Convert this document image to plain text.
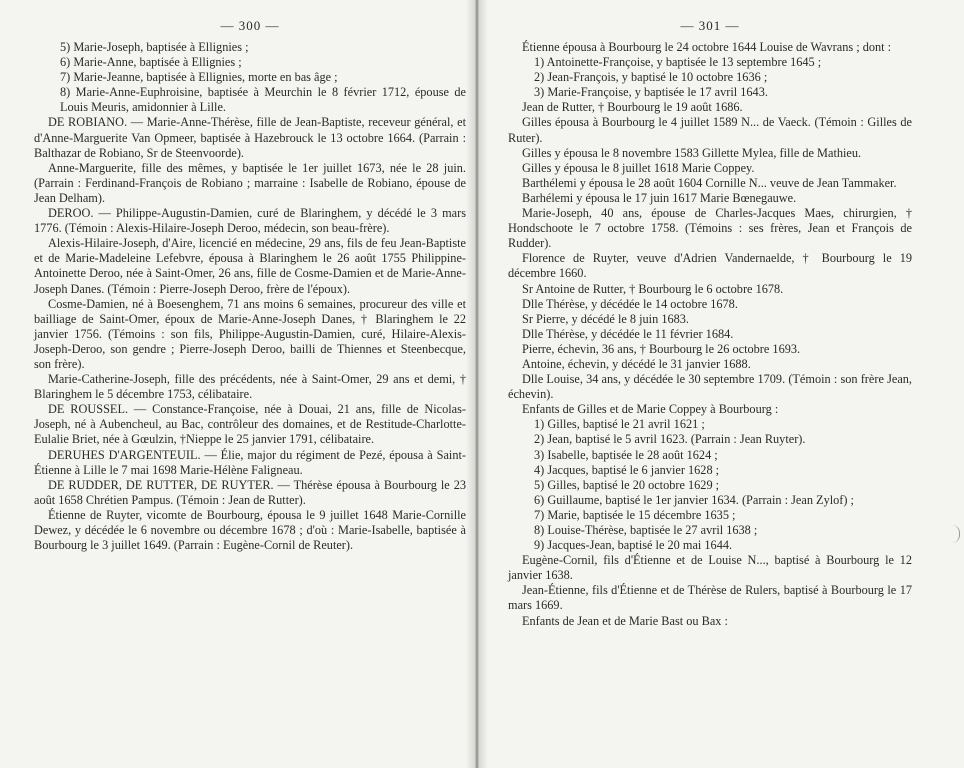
— 300 —

5) Marie-Joseph, baptisée à Ellignies ;

6) Marie-Anne, baptisée à Ellignies ;

7) Marie-Jeanne, baptisée à Ellignies, morte en bas âge ;

8) Marie-Anne-Euphroisine, baptisée à Meurchin le 8 février 1712, épouse de Louis Meuris, amidonnier à Lille.

DE ROBIANO. — Marie-Anne-Thérèse, fille de Jean-Baptiste, receveur général, et d'Anne-Marguerite Van Opmeer, baptisée à Hazebrouck le 13 octobre 1664. (Parrain : Balthazar de Robiano, Sr de Steenvoorde).

Anne-Marguerite, fille des mêmes, y baptisée le 1er juillet 1673, née le 28 juin. (Parrain : Ferdinand-François de Robiano ; marraine : Isabelle de Robiano, épouse de Jean Delham).

DEROO. — Philippe-Augustin-Damien, curé de Blaringhem, y décédé le 3 mars 1776. (Témoin : Alexis-Hilaire-Joseph Deroo, médecin, son beau-frère).

Alexis-Hilaire-Joseph, d'Aire, licencié en médecine, 29 ans, fils de feu Jean-Baptiste et de Marie-Madeleine Lefebvre, épousa à Blaringhem le 26 août 1755 Philippine-Antoinette Deroo, née à Saint-Omer, 26 ans, fille de Cosme-Damien et de Marie-Anne-Joseph Danes. (Témoin : Pierre-Joseph Deroo, frère de l'époux).

Cosme-Damien, né à Boesenghem, 71 ans moins 6 semaines, procureur des ville et bailliage de Saint-Omer, époux de Marie-Anne-Joseph Danes, † Blaringhem le 22 janvier 1756. (Témoins : son fils, Philippe-Augustin-Damien, curé, Hilaire-Alexis-Joseph-Deroo, son gendre ; Pierre-Joseph Deroo, bailli de Thiennes et Steenbecque, son frère).

Marie-Catherine-Joseph, fille des précédents, née à Saint-Omer, 29 ans et demi, † Blaringhem le 5 décembre 1753, célibataire.

DE ROUSSEL. — Constance-Françoise, née à Douai, 21 ans, fille de Nicolas-Joseph, né à Aubencheul, au Bac, contrôleur des domaines, et de Restitude-Charlotte-Eulalie Briet, née à Gœulzin, †Nieppe le 25 janvier 1791, célibataire.

DERUHES D'ARGENTEUIL. — Élie, major du régiment de Pezé, épousa à Saint-Étienne à Lille le 7 mai 1698 Marie-Hélène Faligneau.

DE RUDDER, DE RUTTER, DE RUYTER. — Thérèse épousa à Bourbourg le 23 août 1658 Chrétien Pampus. (Témoin : Jean de Rutter).

Étienne de Ruyter, vicomte de Bourbourg, épousa le 9 juillet 1648 Marie-Cornille Dewez, y décédée le 6 novembre ou décembre 1678 ; d'où : Marie-Isabelle, baptisée à Bourbourg le 3 juillet 1649. (Parrain : Eugène-Cornil de Reuter).

— 301 —

Étienne épousa à Bourbourg le 24 octobre 1644 Louise de Wavrans ; dont :

1) Antoinette-Françoise, y baptisée le 13 septembre 1645 ;

2) Jean-François, y baptisé le 10 octobre 1636 ;

3) Marie-Françoise, y baptisée le 17 avril 1643.

Jean de Rutter, † Bourbourg le 19 août 1686.

Gilles épousa à Bourbourg le 4 juillet 1589 N... de Vaeck. (Témoin : Gilles de Ruter).

Gilles y épousa le 8 novembre 1583 Gillette Mylea, fille de Mathieu.

Gilles y épousa le 8 juillet 1618 Marie Coppey.

Barthélemi y épousa le 28 août 1604 Cornille N... veuve de Jean Tammaker.

Barhélemi y épousa le 17 juin 1617 Marie Bœnegauwe.

Marie-Joseph, 40 ans, épouse de Charles-Jacques Maes, chirurgien, † Hondschoote le 7 octobre 1758. (Témoins : ses frères, Jean et François de Rudder).

Florence de Ruyter, veuve d'Adrien Vandernaelde, † Bourbourg le 19 décembre 1660.

Sr Antoine de Rutter, † Bourbourg le 6 octobre 1678.

Dlle Thérèse, y décédée le 14 octobre 1678.

Sr Pierre, y décédé le 8 juin 1683.

Dlle Thérèse, y décédée le 11 février 1684.

Pierre, échevin, 36 ans, † Bourbourg le 26 octobre 1693.

Antoine, échevin, y décédé le 31 janvier 1688.

Dlle Louise, 34 ans, y décédée le 30 septembre 1709. (Témoin : son frère Jean, échevin).

Enfants de Gilles et de Marie Coppey à Bourbourg :

1) Gilles, baptisé le 21 avril 1621 ;

2) Jean, baptisé le 5 avril 1623. (Parrain : Jean Ruyter).

3) Isabelle, baptisée le 28 août 1624 ;

4) Jacques, baptisé le 6 janvier 1628 ;

5) Gilles, baptisé le 20 octobre 1629 ;

6) Guillaume, baptisé le 1er janvier 1634. (Parrain : Jean Zylof) ;

7) Marie, baptisée le 15 décembre 1635 ;

8) Louise-Thérèse, baptisée le 27 avril 1638 ;

9) Jacques-Jean, baptisé le 20 mai 1644.

Eugène-Cornil, fils d'Étienne et de Louise N..., baptisé à Bourbourg le 12 janvier 1638.

Jean-Étienne, fils d'Étienne et de Thérèse de Rulers, baptisé à Bourbourg le 17 mars 1669.

Enfants de Jean et de Marie Bast ou Bax :
